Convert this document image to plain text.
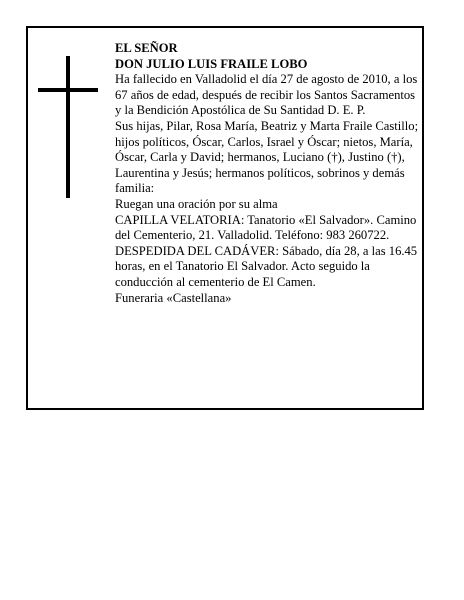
EL SEÑOR

DON JULIO LUIS FRAILE LOBO

Ha fallecido en Valladolid el día 27 de agosto de 2010, a los 67 años de edad, después de recibir los Santos Sacramentos y la Bendición Apostólica de Su Santidad D. E. P.

Sus hijas, Pilar, Rosa María, Beatriz y Marta Fraile Castillo; hijos políticos, Óscar, Carlos, Israel y Óscar; nietos, María, Óscar, Carla y David; hermanos, Luciano (†), Justino (†), Laurentina y Jesús; hermanos políticos, sobrinos y demás familia:

Ruegan una oración por su alma

CAPILLA VELATORIA: Tanatorio «El Salvador». Camino del Cementerio, 21. Valladolid. Teléfono: 983 260722.

DESPEDIDA DEL CADÁVER: Sábado, día 28, a las 16.45 horas, en el Tanatorio El Salvador. Acto seguido la conducción al cementerio de El Camen.

Funeraria «Castellana»
